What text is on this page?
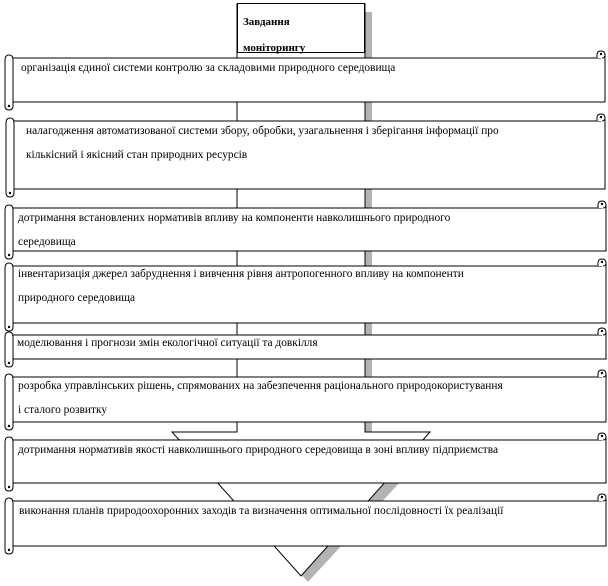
Завдання
моніторингу
організація єдиної системи контролю за складовими природного середовища
налагодження автоматизованої системи збору, обробки, узагальнення і зберігання інформації про
кількісний і якісний стан природних ресурсів
дотримання встановлених нормативів впливу на компоненти навколишнього природного
середовища
інвентаризація джерел забруднення і вивчення рівня антропогенного впливу на компоненти
природного середовища
моделювання і прогнози змін екологічної ситуації та довкілля
розробка управлінських рішень, спрямованих на забезпечення раціонального природокористування
і сталого розвитку
дотримання нормативів якості навколишнього природного середовища в зоні впливу підприємства
виконання планів природоохоронних заходів та визначення оптимальної послідовності їх реалізації
